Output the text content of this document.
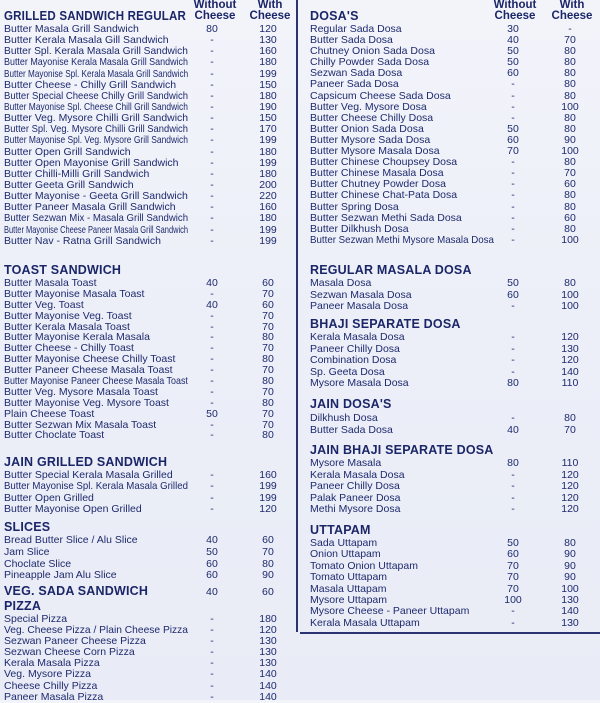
Without Cheese
With Cheese
GRILLED SANDWICH REGULAR
Butter Masala Grill Sandwich	80	120
Butter Kerala Masala Gill Sandwich	-	130
Butter Spl. Kerala Masala Grill Sandwich	-	160
Butter Mayonise Kerala Masala Grill Sandwich	-	180
Butter Mayonise Spl. Kerala Masala Grill Sandwich	-	199
Butter Cheese - Chilly Grill Sandwich	-	150
Butter Special Cheese Chilly Grill Sandwich	-	180
Butter Mayonise Spl. Cheese Chill Grill Sandwich	-	190
Butter Veg. Mysore Chilli Grill Sandwich	-	150
Butter Spl. Veg. Mysore Chilli Grill Sandwich	-	170
Butter Mayonise Spl. Veg. Mysore Grill Sandwich	-	199
Butter Open Grill Sandwich	-	180
Butter Open Mayonise Grill Sandwich	-	199
Butter Chilli-Milli Grill Sandwich	-	180
Butter Geeta Grill Sandwich	-	200
Butter Mayonise - Geeta Grill Sandwich	-	220
Butter Paneer Masala Grill Sandwich	-	160
Butter Sezwan Mix - Masala Grill Sandwich	-	180
Butter Mayonise Cheese Paneer Masala Grill Sandwich	-	199
Butter Nav - Ratna Grill Sandwich	-	199
TOAST SANDWICH
Butter Masala Toast	40	60
Butter Mayonise Masala Toast	-	70
Butter Veg. Toast	40	60
Butter Mayonise Veg. Toast	-	70
Butter Kerala Masala Toast	-	70
Butter Mayonise Kerala Masala	-	80
Butter Cheese - Chilly Toast	-	70
Butter Mayonise Cheese Chilly Toast	-	80
Butter Paneer Cheese Masala Toast	-	70
Butter Mayonise Paneer Cheese Masala Toast	-	80
Butter Veg. Mysore Masala Toast	-	70
Butter Mayonise Veg. Mysore Toast	-	80
Plain Cheese Toast	50	70
Butter Sezwan Mix Masala Toast	-	70
Butter Choclate Toast	-	80
JAIN GRILLED SANDWICH
Butter Special Kerala Masala Grilled	-	160
Butter Mayonise Spl. Kerala Masala Grilled	-	199
Butter Open Grilled	-	199
Butter Mayonise Open Grilled	-	120
SLICES
Bread Butter Slice / Alu Slice	40	60
Jam Slice	50	70
Choclate Slice	60	80
Pineapple Jam Alu Slice	60	90
VEG. SADA SANDWICH	40	60
PIZZA
Special Pizza	-	180
Veg. Cheese Pizza / Plain Cheese Pizza	-	120
Sezwan Paneer Cheese Pizza	-	130
Sezwan Cheese Corn Pizza	-	130
Kerala Masala Pizza	-	130
Veg. Mysore Pizza	-	140
Cheese Chilly Pizza	-	140
Paneer Masala Pizza	-	140
Without Cheese
With Cheese
DOSA'S
Regular Sada Dosa	30	-
Butter Sada Dosa	40	70
Chutney Onion Sada Dosa	50	80
Chilly Powder Sada Dosa	50	80
Sezwan Sada Dosa	60	80
Paneer Sada Dosa	-	80
Capsicum Cheese Sada Dosa	-	80
Butter Veg. Mysore Dosa	-	100
Butter Cheese Chilly Dosa	-	80
Butter Onion Sada Dosa	50	80
Butter Mysore Sada Dosa	60	90
Butter Mysore Masala Dosa	70	100
Butter Chinese Choupsey Dosa	-	80
Butter Chinese Masala Dosa	-	70
Butter Chutney Powder Dosa	-	60
Butter Chinese Chat-Pata Dosa	-	80
Butter Spring Dosa	-	80
Butter Sezwan Methi Sada Dosa	-	60
Butter Dilkhush Dosa	-	80
Butter Sezwan Methi Mysore Masala Dosa	-	100
REGULAR MASALA DOSA
Masala Dosa	50	80
Sezwan Masala Dosa	60	100
Paneer Masala Dosa	-	100
BHAJI SEPARATE DOSA
Kerala Masala Dosa	-	120
Paneer Chilly Dosa	-	130
Combination Dosa	-	120
Sp. Geeta Dosa	-	140
Mysore Masala Dosa	80	110
JAIN DOSA'S
Dilkhush Dosa	-	80
Butter Sada Dosa	40	70
JAIN BHAJI SEPARATE DOSA
Mysore Masala	80	110
Kerala Masala Dosa	-	120
Paneer Chilly Dosa	-	120
Palak Paneer Dosa	-	120
Methi Mysore Dosa	-	120
UTTAPAM
Sada Uttapam	50	80
Onion Uttapam	60	90
Tomato Onion Uttapam	70	90
Tomato Uttapam	70	90
Masala Uttapam	70	100
Mysore Uttapam	100	130
Mysore Cheese - Paneer Uttapam	-	140
Kerala Masala Uttapam	-	130
